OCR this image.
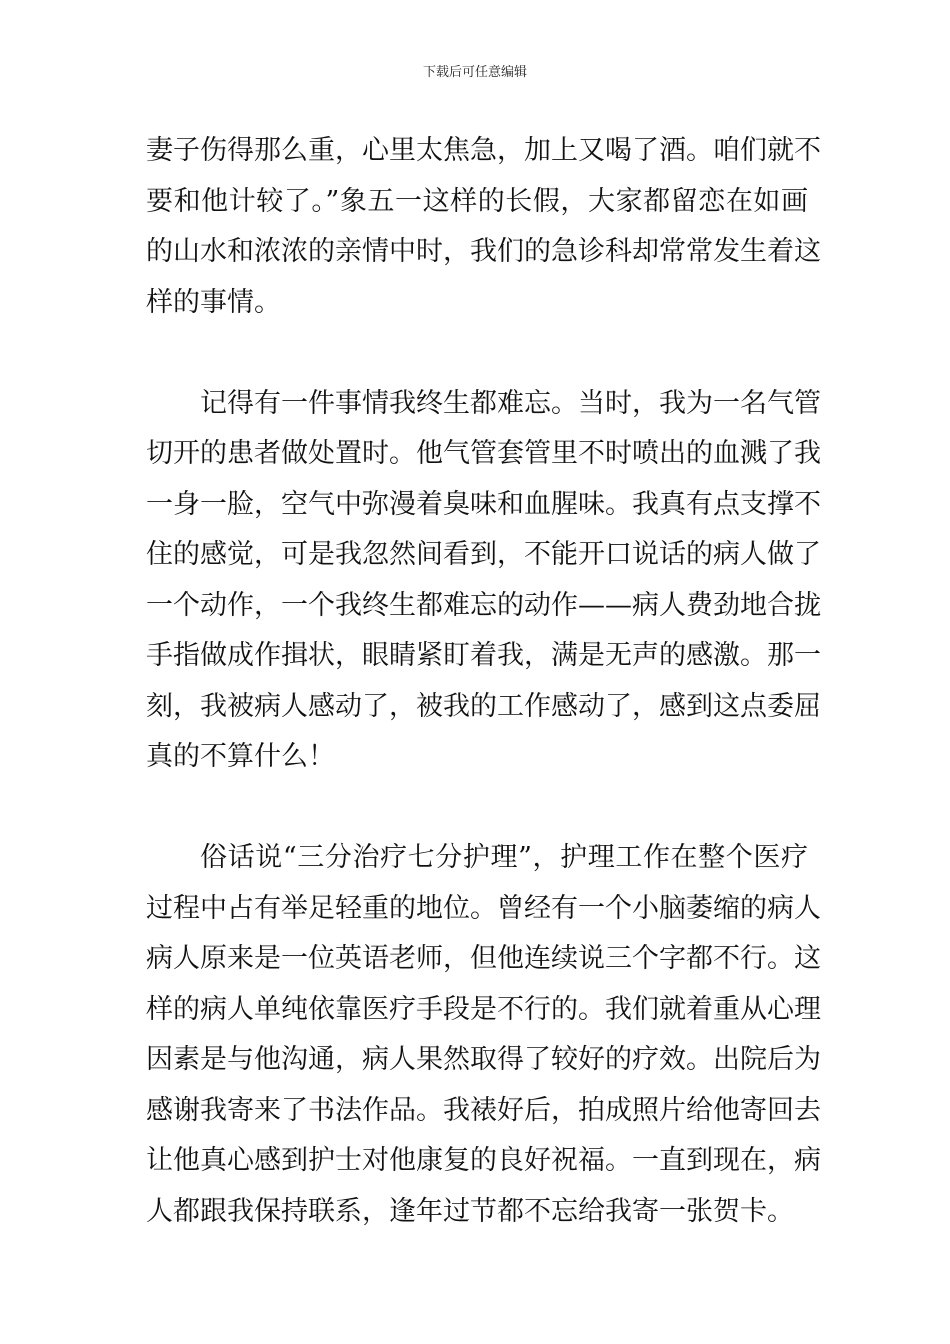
下载后可任意编辑
妻子伤得那么重，心里太焦急，加上又喝了酒。咱们就不
要和他计较了。”象五一这样的长假，大家都留恋在如画
的山水和浓浓的亲情中时，我们的急诊科却常常发生着这
样的事情。
记得有一件事情我终生都难忘。当时，我为一名气管
切开的患者做处置时。他气管套管里不时喷出的血溅了我
一身一脸，空气中弥漫着臭味和血腥味。我真有点支撑不
住的感觉，可是我忽然间看到，不能开口说话的病人做了
一个动作，一个我终生都难忘的动作——病人费劲地合拢
手指做成作揖状，眼睛紧盯着我，满是无声的感激。那一
刻，我被病人感动了，被我的工作感动了，感到这点委屈
真的不算什么！
俗话说“三分治疗七分护理”，护理工作在整个医疗
过程中占有举足轻重的地位。曾经有一个小脑萎缩的病人
病人原来是一位英语老师，但他连续说三个字都不行。这
样的病人单纯依靠医疗手段是不行的。我们就着重从心理
因素是与他沟通，病人果然取得了较好的疗效。出院后为
感谢我寄来了书法作品。我裱好后，拍成照片给他寄回去
让他真心感到护士对他康复的良好祝福。一直到现在，病
人都跟我保持联系，逢年过节都不忘给我寄一张贺卡。
